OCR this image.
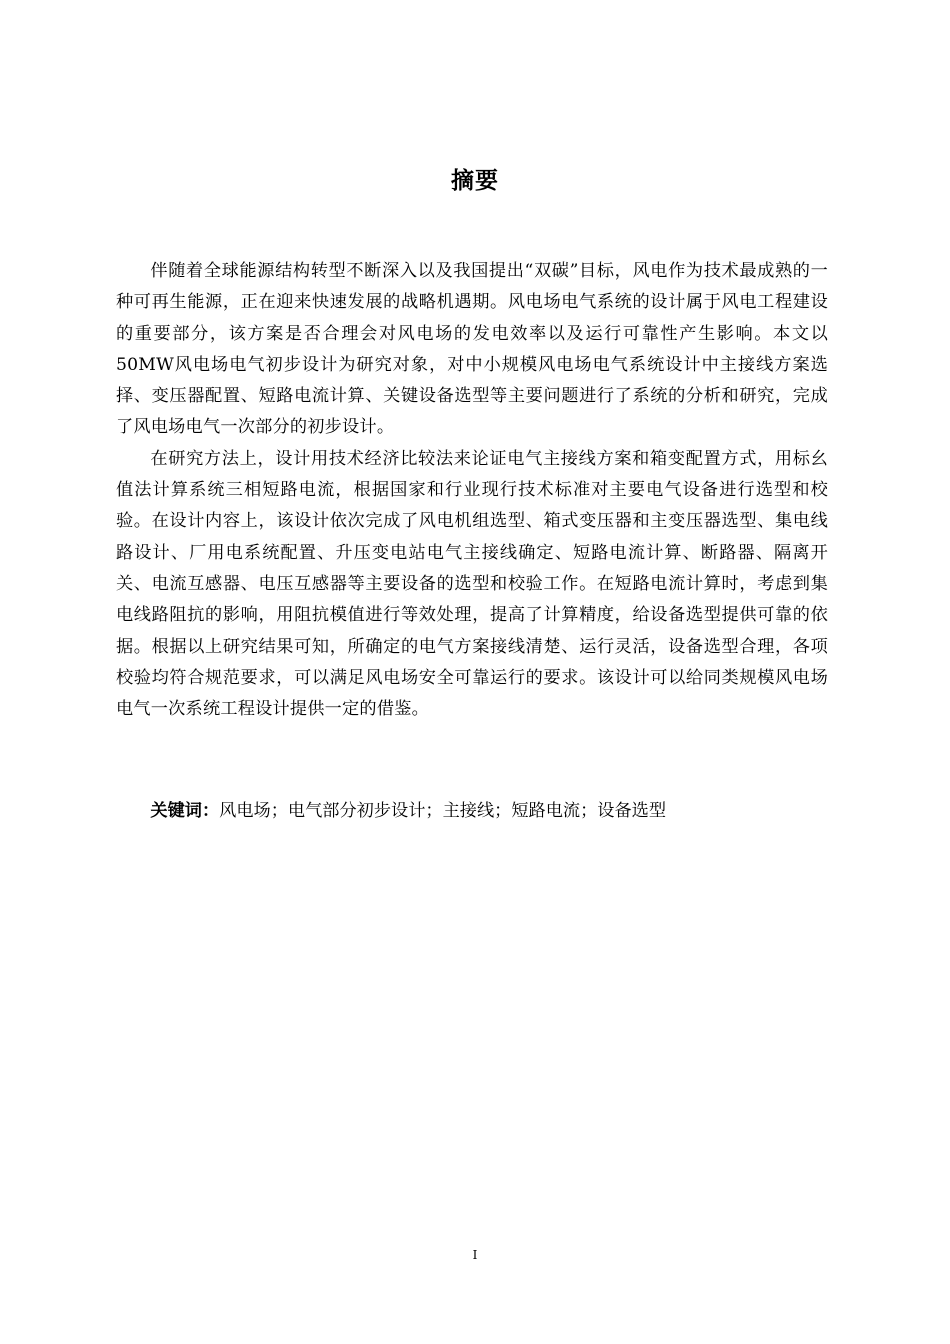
摘要

伴随着全球能源结构转型不断深入以及我国提出“双碳”目标，风电作为技术最成熟的一种可再生能源，正在迎来快速发展的战略机遇期。风电场电气系统的设计属于风电工程建设的重要部分，该方案是否合理会对风电场的发电效率以及运行可靠性产生影响。本文以50MW风电场电气初步设计为研究对象，对中小规模风电场电气系统设计中主接线方案选择、变压器配置、短路电流计算、关键设备选型等主要问题进行了系统的分析和研究，完成了风电场电气一次部分的初步设计。

在研究方法上，设计用技术经济比较法来论证电气主接线方案和箱变配置方式，用标幺值法计算系统三相短路电流，根据国家和行业现行技术标准对主要电气设备进行选型和校验。在设计内容上，该设计依次完成了风电机组选型、箱式变压器和主变压器选型、集电线路设计、厂用电系统配置、升压变电站电气主接线确定、短路电流计算、断路器、隔离开关、电流互感器、电压互感器等主要设备的选型和校验工作。在短路电流计算时，考虑到集电线路阻抗的影响，用阻抗模值进行等效处理，提高了计算精度，给设备选型提供可靠的依据。根据以上研究结果可知，所确定的电气方案接线清楚、运行灵活，设备选型合理，各项校验均符合规范要求，可以满足风电场安全可靠运行的要求。该设计可以给同类规模风电场电气一次系统工程设计提供一定的借鉴。

关键词：风电场；电气部分初步设计；主接线；短路电流；设备选型

I
